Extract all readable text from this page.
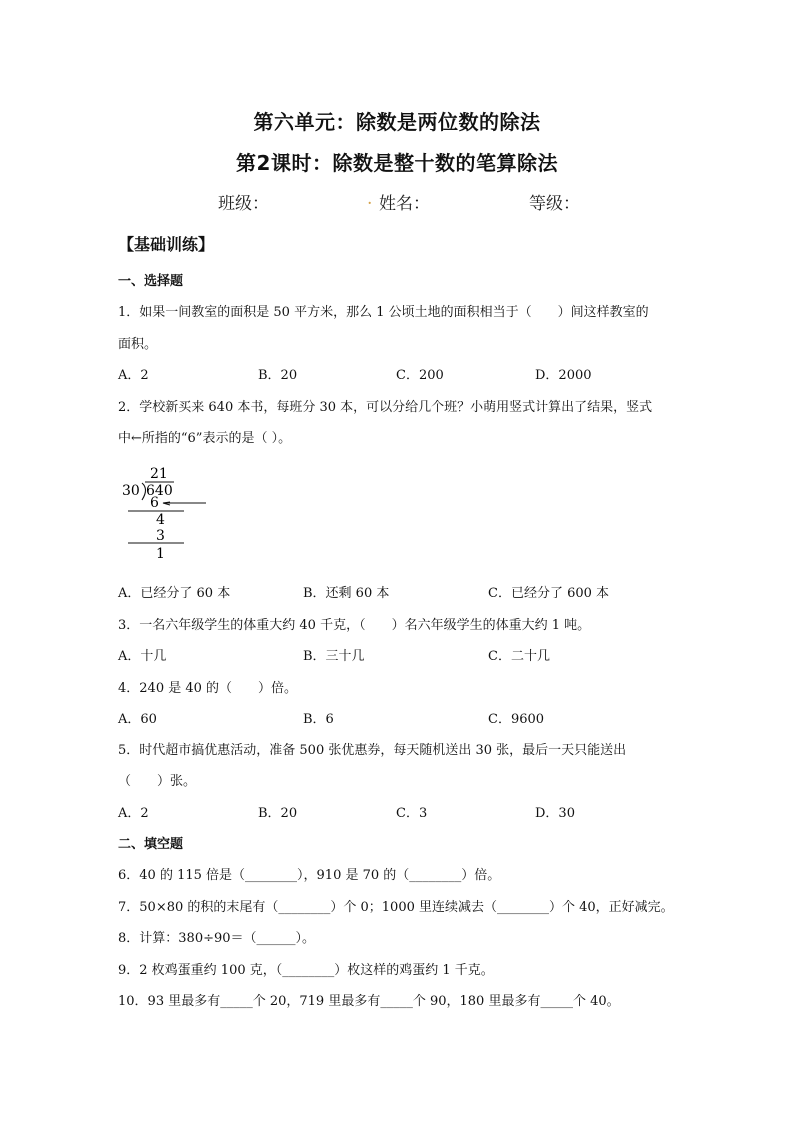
第六单元：除数是两位数的除法
第2课时：除数是整十数的笔算除法
班级：	. 姓名：	等级：
【基础训练】
一、选择题
1．如果一间教室的面积是 50 平方米，那么 1 公顷土地的面积相当于（　　）间这样教室的
面积。
A．2	B．20	C．200	D．2000
2．学校新买来 640 本书，每班分 30 本，可以分给几个班？小萌用竖式计算出了结果，竖式
中←所指的“6”表示的是（ ）。
21
30 640
6
4
3
1
A．已经分了 60 本	B．还剩 60 本	C．已经分了 600 本
3．一名六年级学生的体重大约 40 千克，（　　）名六年级学生的体重大约 1 吨。
A．十几	B．三十几	C．二十几
4．240 是 40 的（　　）倍。
A．60	B．6	C．9600
5．时代超市搞优惠活动，准备 500 张优惠券，每天随机送出 30 张，最后一天只能送出
（　　）张。
A．2	B．20	C．3	D．30
二、填空题
6．40 的 115 倍是（________），910 是 70 的（________）倍。
7．50×80 的积的末尾有（________）个 0；1000 里连续减去（________）个 40，正好减完。
8．计算：380÷90＝（______）。
9．2 枚鸡蛋重约 100 克，（________）枚这样的鸡蛋约 1 千克。
10．93 里最多有_____个 20，719 里最多有_____个 90，180 里最多有_____个 40。
